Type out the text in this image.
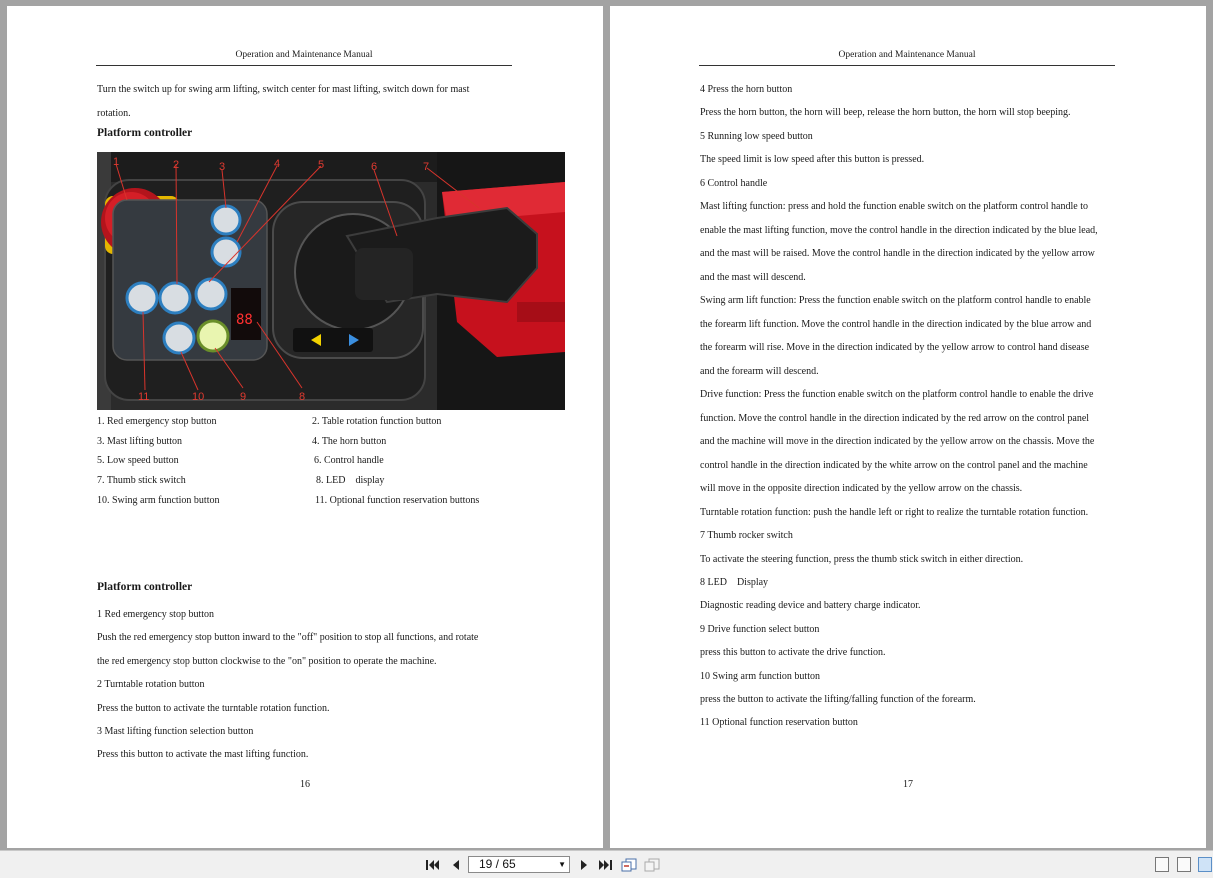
Operation and Maintenance Manual
Turn the switch up for swing arm lifting, switch center for mast lifting, switch down for mast
rotation.
Platform controller
88
1	2	3	4	5	6	7
8
9
10
11
1. Red emergency stop button	2. Table rotation function button
3. Mast lifting button	4. The horn button
5. Low speed button	6. Control handle
7. Thumb stick switch	8. LED    display
10. Swing arm function button	11. Optional function reservation buttons
Platform controller
1 Red emergency stop button
Push the red emergency stop button inward to the "off" position to stop all functions, and rotate
the red emergency stop button clockwise to the "on" position to operate the machine.
2 Turntable rotation button
Press the button to activate the turntable rotation function.
3 Mast lifting function selection button
Press this button to activate the mast lifting function.
16
Operation and Maintenance Manual
4 Press the horn button
Press the horn button, the horn will beep, release the horn button, the horn will stop beeping.
5 Running low speed button
The speed limit is low speed after this button is pressed.
6 Control handle
Mast lifting function: press and hold the function enable switch on the platform control handle to
enable the mast lifting function, move the control handle in the direction indicated by the blue lead,
and the mast will be raised. Move the control handle in the direction indicated by the yellow arrow
and the mast will descend.
Swing arm lift function: Press the function enable switch on the platform control handle to enable
the forearm lift function. Move the control handle in the direction indicated by the blue arrow and
the forearm will rise. Move in the direction indicated by the yellow arrow to control hand disease
and the forearm will descend.
Drive function: Press the function enable switch on the platform control handle to enable the drive
function. Move the control handle in the direction indicated by the red arrow on the control panel
and the machine will move in the direction indicated by the yellow arrow on the chassis. Move the
control handle in the direction indicated by the white arrow on the control panel and the machine
will move in the opposite direction indicated by the yellow arrow on the chassis.
Turntable rotation function: push the handle left or right to realize the turntable rotation function.
7 Thumb rocker switch
To activate the steering function, press the thumb stick switch in either direction.
8 LED    Display
Diagnostic reading device and battery charge indicator.
9 Drive function select button
press this button to activate the drive function.
10 Swing arm function button
press the button to activate the lifting/falling function of the forearm.
11 Optional function reservation button
17
19 / 65	▼
